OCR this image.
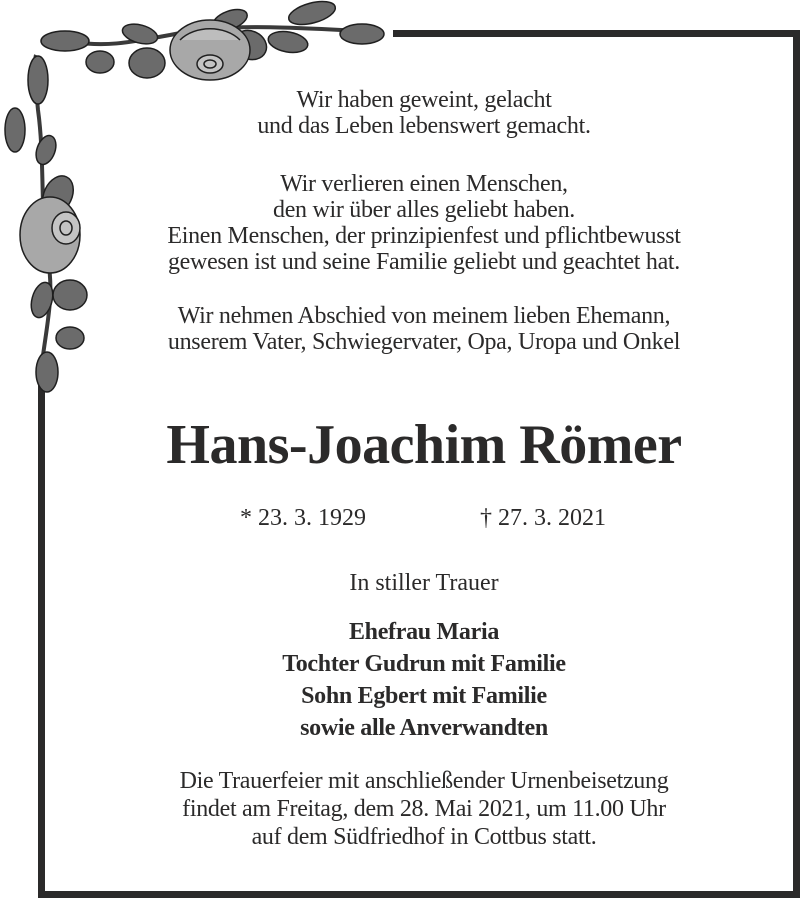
Wir haben geweint, gelacht
und das Leben lebenswert gemacht.
Wir verlieren einen Menschen,
den wir über alles geliebt haben.
Einen Menschen, der prinzipienfest und pflichtbewusst
gewesen ist und seine Familie geliebt und geachtet hat.
Wir nehmen Abschied von meinem lieben Ehemann,
unserem Vater, Schwiegervater, Opa, Uropa und Onkel
Hans-Joachim Römer
* 23. 3. 1929	† 27. 3. 2021
In stiller Trauer
Ehefrau Maria
Tochter Gudrun mit Familie
Sohn Egbert mit Familie
sowie alle Anverwandten
Die Trauerfeier mit anschließender Urnenbeisetzung
findet am Freitag, dem 28. Mai 2021, um 11.00 Uhr
auf dem Südfriedhof in Cottbus statt.
